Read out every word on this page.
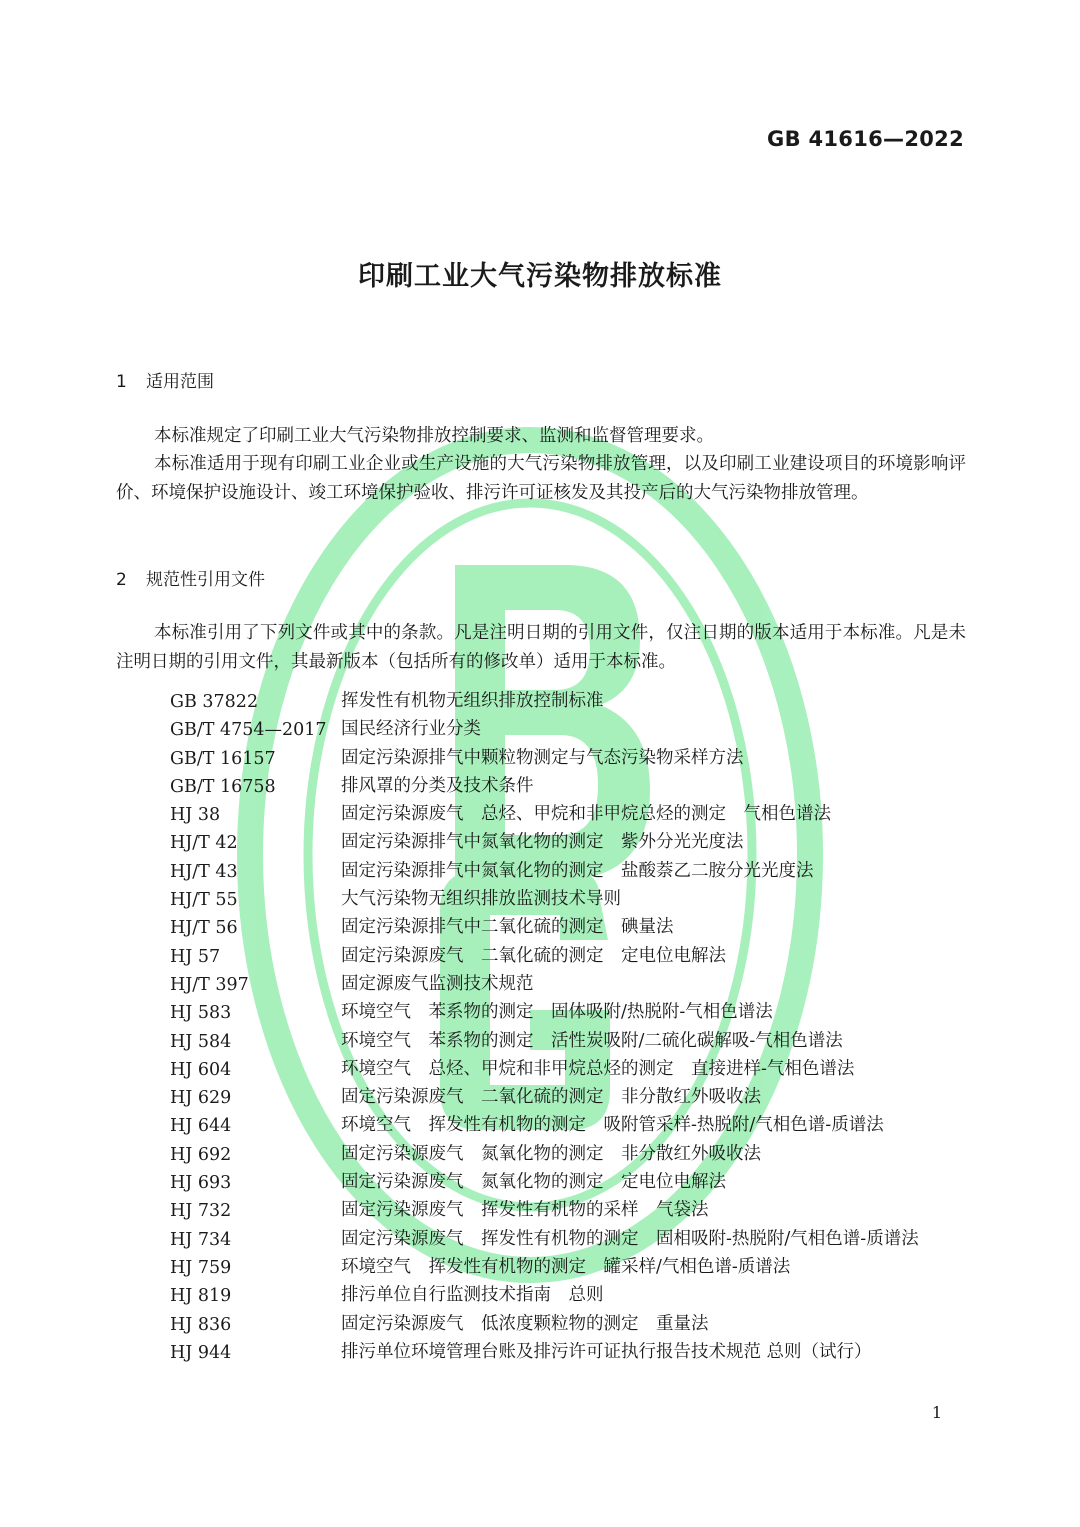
GB 41616—2022
印刷工业大气污染物排放标准
1 适用范围

本标准规定了印刷工业大气污染物排放控制要求、监测和监督管理要求。

本标准适用于现有印刷工业企业或生产设施的大气污染物排放管理，以及印刷工业建设项目的环境影响评价、环境保护设施设计、竣工环境保护验收、排污许可证核发及其投产后的大气污染物排放管理。

2 规范性引用文件

本标准引用了下列文件或其中的条款。凡是注明日期的引用文件，仅注日期的版本适用于本标准。凡是未注明日期的引用文件，其最新版本（包括所有的修改单）适用于本标准。

GB 37822	挥发性有机物无组织排放控制标准
GB/T 4754—2017 国民经济行业分类
GB/T 16157	固定污染源排气中颗粒物测定与气态污染物采样方法
GB/T 16758	排风罩的分类及技术条件
HJ 38	固定污染源废气　总烃、甲烷和非甲烷总烃的测定　气相色谱法
HJ/T 42	固定污染源排气中氮氧化物的测定　紫外分光光度法
HJ/T 43	固定污染源排气中氮氧化物的测定　盐酸萘乙二胺分光光度法
HJ/T 55	大气污染物无组织排放监测技术导则
HJ/T 56	固定污染源排气中二氧化硫的测定　碘量法
HJ 57	固定污染源废气　二氧化硫的测定　定电位电解法
HJ/T 397	固定源废气监测技术规范
HJ 583	环境空气　苯系物的测定　固体吸附/热脱附-气相色谱法
HJ 584	环境空气　苯系物的测定　活性炭吸附/二硫化碳解吸-气相色谱法
HJ 604	环境空气　总烃、甲烷和非甲烷总烃的测定　直接进样-气相色谱法
HJ 629	固定污染源废气　二氧化硫的测定　非分散红外吸收法
HJ 644	环境空气　挥发性有机物的测定　吸附管采样-热脱附/气相色谱-质谱法
HJ 692	固定污染源废气　氮氧化物的测定　非分散红外吸收法
HJ 693	固定污染源废气　氮氧化物的测定　定电位电解法
HJ 732	固定污染源废气　挥发性有机物的采样　气袋法
HJ 734	固定污染源废气　挥发性有机物的测定　固相吸附-热脱附/气相色谱-质谱法
HJ 759	环境空气　挥发性有机物的测定　罐采样/气相色谱-质谱法
HJ 819	排污单位自行监测技术指南　总则
HJ 836	固定污染源废气　低浓度颗粒物的测定　重量法
HJ 944	排污单位环境管理台账及排污许可证执行报告技术规范 总则（试行）
1
